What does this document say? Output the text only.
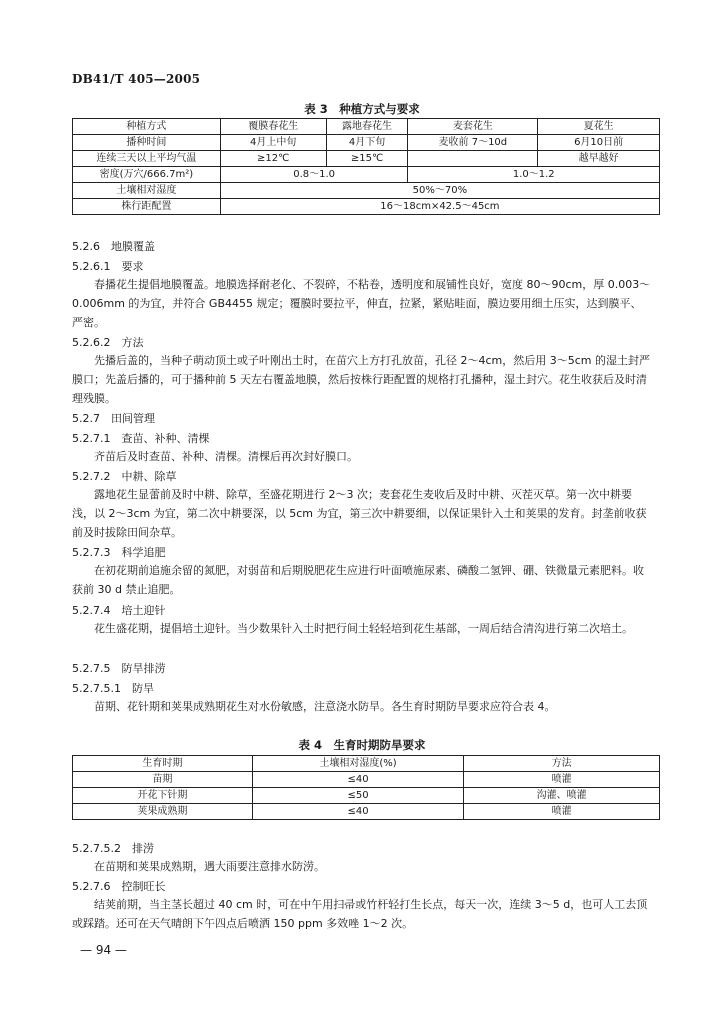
DB41/T 405—2005
表 3　种植方式与要求
种植方式	覆膜春花生	露地春花生	麦套花生	夏花生
播种时间	4月上中旬	4月下旬	麦收前 7～10d	6月10日前
连续三天以上平均气温	≥12℃	≥15℃		越早越好
密度(万穴/666.7m²)	0.8～1.0		1.0～1.2	
土壤相对湿度	50%～70%			
株行距配置	16～18cm×42.5～45cm			
5.2.6　地膜覆盖
5.2.6.1　要求

春播花生提倡地膜覆盖。地膜选择耐老化、不裂碎，不粘卷，透明度和展铺性良好，宽度 80～90cm，厚 0.003～0.006mm 的为宜，并符合 GB4455 规定；覆膜时要拉平，伸直，拉紧，紧贴畦面，膜边要用细土压实，达到膜平、严密。

5.2.6.2　方法

先播后盖的，当种子萌动顶土或子叶刚出土时，在苗穴上方打孔放苗，孔径 2～4cm，然后用 3～5cm 的湿土封严膜口；先盖后播的，可于播种前 5 天左右覆盖地膜，然后按株行距配置的规格打孔播种，湿土封穴。花生收获后及时清理残膜。

5.2.7　田间管理
5.2.7.1　查苗、补种、清棵

齐苗后及时查苗、补种、清棵。清棵后再次封好膜口。

5.2.7.2　中耕、除草

露地花生显蕾前及时中耕、除草，至盛花期进行 2～3 次；麦套花生麦收后及时中耕、灭茬灭草。第一次中耕要浅，以 2～3cm 为宜，第二次中耕要深，以 5cm 为宜，第三次中耕要细，以保证果针入土和荚果的发育。封垄前收获前及时拔除田间杂草。

5.2.7.3　科学追肥

在初花期前追施余留的氮肥，对弱苗和后期脱肥花生应进行叶面喷施尿素、磷酸二氢钾、硼、铁微量元素肥料。收获前 30 d 禁止追肥。

5.2.7.4　培土迎针

花生盛花期，提倡培土迎针。当少数果针入土时把行间土轻轻培到花生基部，一周后结合清沟进行第二次培土。

5.2.7.5　防旱排涝
5.2.7.5.1　防旱

苗期、花针期和荚果成熟期花生对水份敏感，注意浇水防旱。各生育时期防旱要求应符合表 4。

表 4　生育时期防旱要求
生育时期	土壤相对湿度(%)	方法
苗期	≤40	喷灌
开花下针期	≤50	沟灌、喷灌
荚果成熟期	≤40	喷灌
5.2.7.5.2　排涝

在苗期和荚果成熟期，遇大雨要注意排水防涝。

5.2.7.6　控制旺长

结荚前期，当主茎长超过 40 cm 时，可在中午用扫帚或竹杆轻打生长点，每天一次，连续 3～5 d，也可人工去顶或踩踏。还可在天气晴朗下午四点后喷洒 150 ppm 多效唑 1～2 次。

— 94 —
